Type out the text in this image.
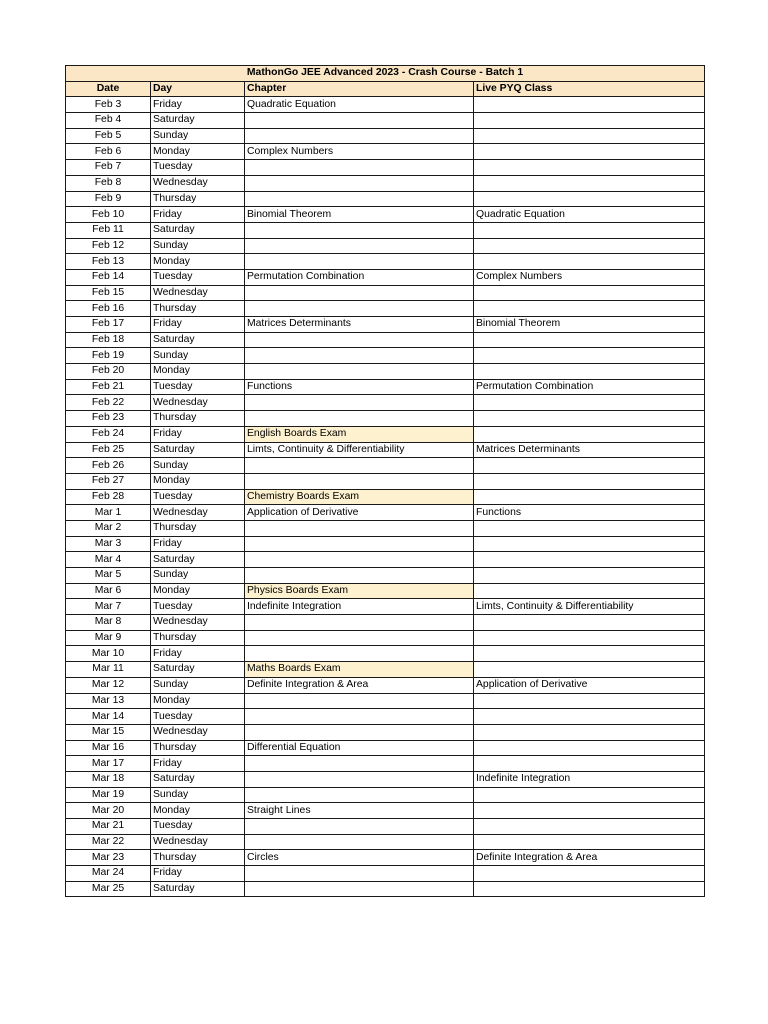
MathonGo JEE Advanced 2023 - Crash Course - Batch 1			
Date	Day	Chapter	Live PYQ Class
Feb 3	Friday	Quadratic Equation	
Feb 4	Saturday		
Feb 5	Sunday		
Feb 6	Monday	Complex Numbers	
Feb 7	Tuesday		
Feb 8	Wednesday		
Feb 9	Thursday		
Feb 10	Friday	Binomial Theorem	Quadratic Equation
Feb 11	Saturday		
Feb 12	Sunday		
Feb 13	Monday		
Feb 14	Tuesday	Permutation Combination	Complex Numbers
Feb 15	Wednesday		
Feb 16	Thursday		
Feb 17	Friday	Matrices Determinants	Binomial Theorem
Feb 18	Saturday		
Feb 19	Sunday		
Feb 20	Monday		
Feb 21	Tuesday	Functions	Permutation Combination
Feb 22	Wednesday		
Feb 23	Thursday		
Feb 24	Friday	English Boards Exam	
Feb 25	Saturday	Limts, Continuity & Differentiability	Matrices Determinants
Feb 26	Sunday		
Feb 27	Monday		
Feb 28	Tuesday	Chemistry Boards Exam	
Mar 1	Wednesday	Application of Derivative	Functions
Mar 2	Thursday		
Mar 3	Friday		
Mar 4	Saturday		
Mar 5	Sunday		
Mar 6	Monday	Physics Boards Exam	
Mar 7	Tuesday	Indefinite Integration	Limts, Continuity & Differentiability
Mar 8	Wednesday		
Mar 9	Thursday		
Mar 10	Friday		
Mar 11	Saturday	Maths Boards Exam	
Mar 12	Sunday	Definite Integration & Area	Application of Derivative
Mar 13	Monday		
Mar 14	Tuesday		
Mar 15	Wednesday		
Mar 16	Thursday	Differential Equation	
Mar 17	Friday		
Mar 18	Saturday		Indefinite Integration
Mar 19	Sunday		
Mar 20	Monday	Straight Lines	
Mar 21	Tuesday		
Mar 22	Wednesday		
Mar 23	Thursday	Circles	Definite Integration & Area
Mar 24	Friday		
Mar 25	Saturday		
